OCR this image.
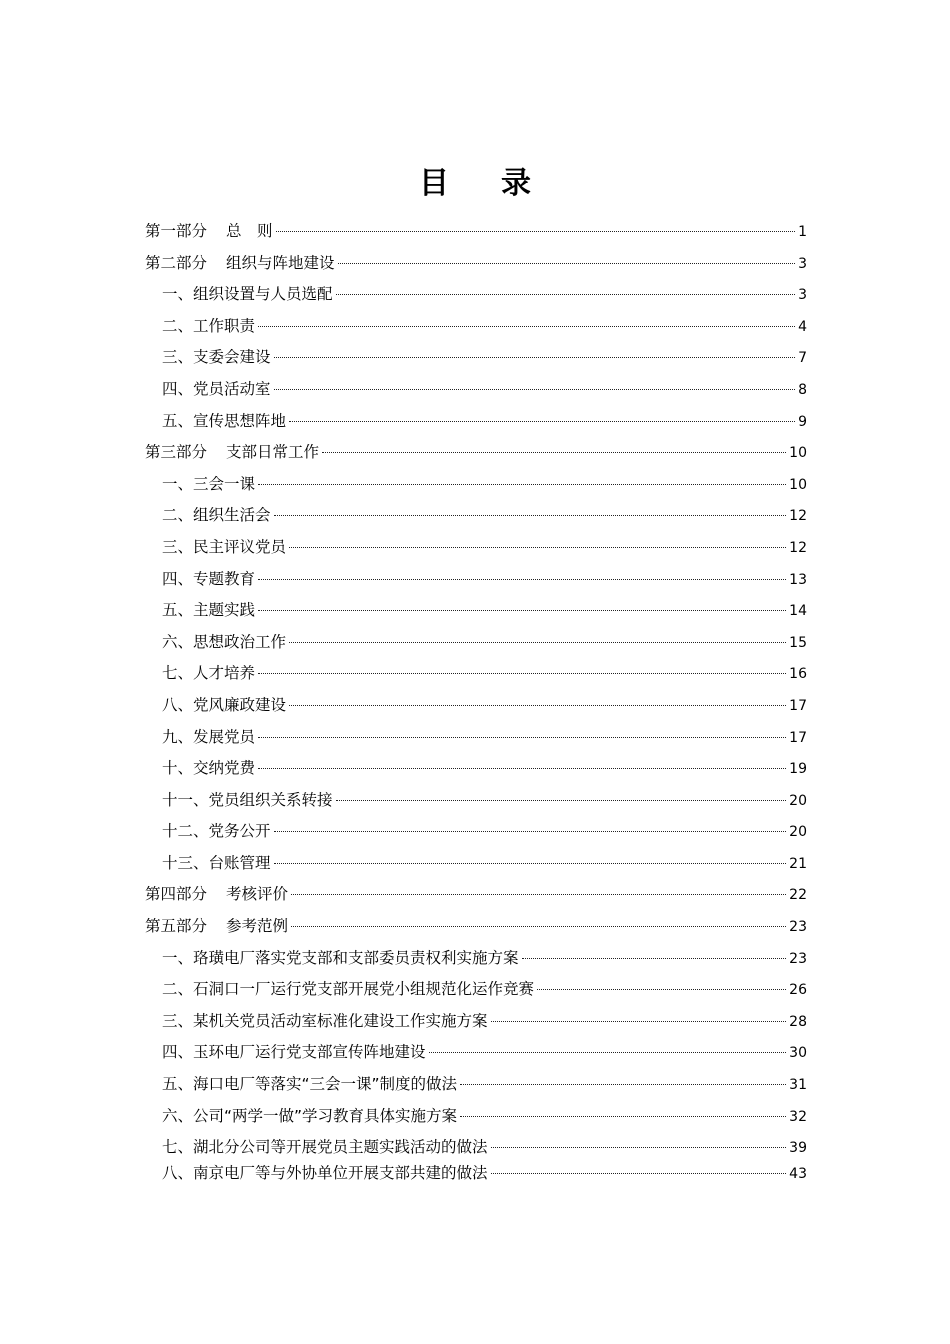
目 录
第一部分 总　则	1
第二部分 组织与阵地建设	3
一、组织设置与人员选配	3
二、工作职责	4
三、支委会建设	7
四、党员活动室	8
五、宣传思想阵地	9
第三部分 支部日常工作	10
一、三会一课	10
二、组织生活会	12
三、民主评议党员	12
四、专题教育	13
五、主题实践	14
六、思想政治工作	15
七、人才培养	16
八、党风廉政建设	17
九、发展党员	17
十、交纳党费	19
十一、党员组织关系转接	20
十二、党务公开	20
十三、台账管理	21
第四部分 考核评价	22
第五部分 参考范例	23
一、珞璜电厂落实党支部和支部委员责权利实施方案	23
二、石洞口一厂运行党支部开展党小组规范化运作竞赛	26
三、某机关党员活动室标准化建设工作实施方案	28
四、玉环电厂运行党支部宣传阵地建设	30
五、海口电厂等落实“三会一课”制度的做法	31
六、公司“两学一做”学习教育具体实施方案	32
七、湖北分公司等开展党员主题实践活动的做法	39
八、南京电厂等与外协单位开展支部共建的做法	43
